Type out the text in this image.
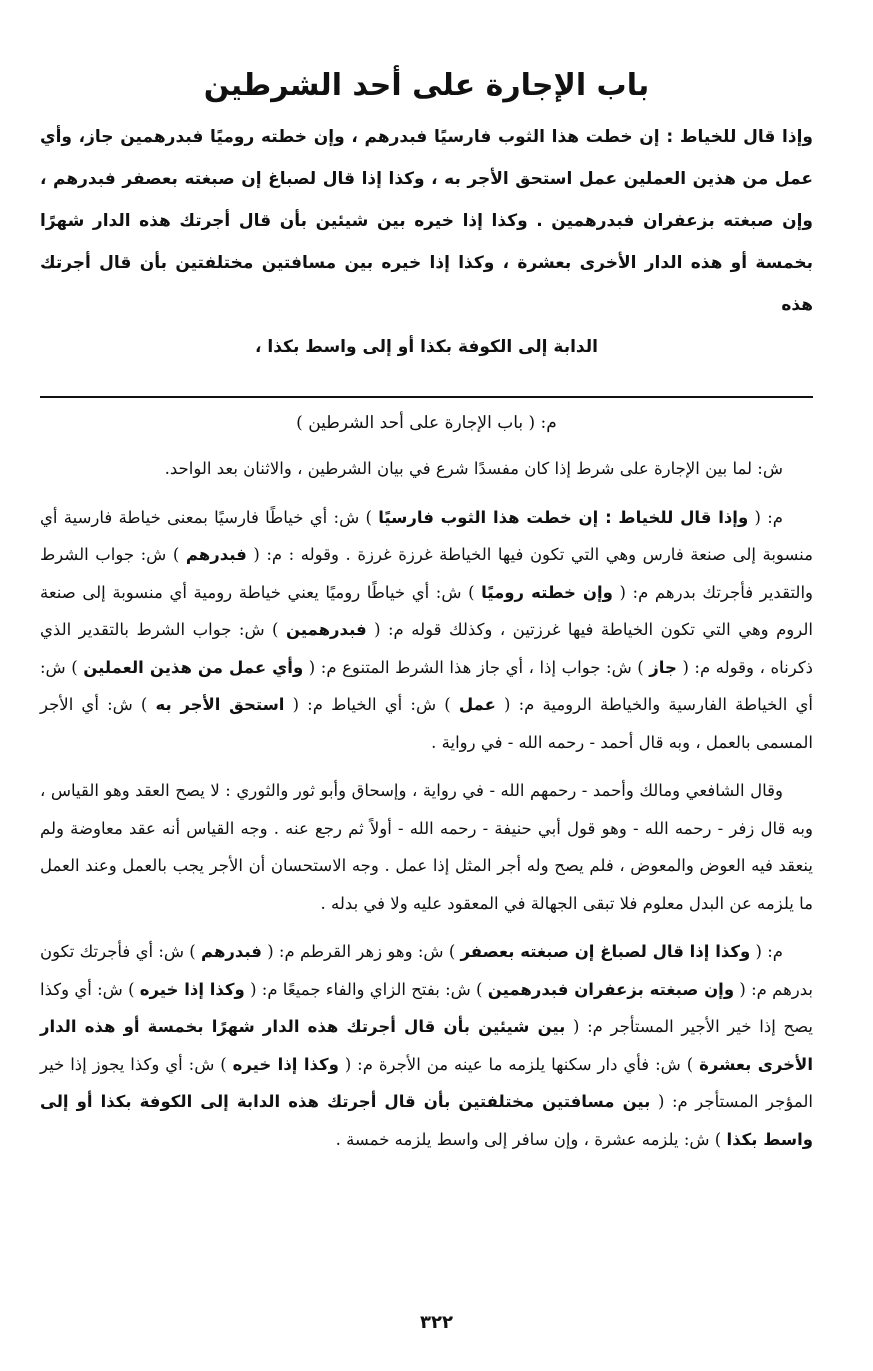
باب الإجارة على أحد الشرطين
وإذا قال للخياط : إن خطت هذا الثوب فارسيًا فبدرهم ، وإن خطته روميًا فبدرهمين جاز، وأي عمل من هذين العملين عمل استحق الأجر به ، وكذا إذا قال لصباغ إن صبغته بعصفر فبدرهم ، وإن صبغته بزعفران فبدرهمين . وكذا إذا خيره بين شيئين بأن قال أجرتك هذه الدار شهرًا بخمسة أو هذه الدار الأخرى بعشرة ، وكذا إذا خيره بين مسافتين مختلفتين بأن قال أجرتك هذه
الدابة إلى الكوفة بكذا أو إلى واسط بكذا ،
م: ( باب الإجارة على أحد الشرطين )

ش: لما بين الإجارة على شرط إذا كان مفسدًا شرع في بيان الشرطين ، والاثنان بعد الواحد.

م: ( وإذا قال للخياط : إن خطت هذا الثوب فارسيًا ) ش: أي خياطًا فارسيًا بمعنى خياطة فارسية أي منسوبة إلى صنعة فارس وهي التي تكون فيها الخياطة غرزة غرزة . وقوله : م: ( فبدرهم ) ش: جواب الشرط والتقدير فأجرتك بدرهم م: ( وإن خطته روميًا ) ش: أي خياطًا روميًا يعني خياطة رومية أي منسوبة إلى صنعة الروم وهي التي تكون الخياطة فيها غرزتين ، وكذلك قوله م: ( فبدرهمين ) ش: جواب الشرط بالتقدير الذي ذكرناه ، وقوله م: ( جاز ) ش: جواب إذا ، أي جاز هذا الشرط المتنوع م: ( وأي عمل من هذين العملين ) ش: أي الخياطة الفارسية والخياطة الرومية م: ( عمل ) ش: أي الخياط م: ( استحق الأجر به ) ش: أي الأجر المسمى بالعمل ، وبه قال أحمد - رحمه الله - في رواية .

وقال الشافعي ومالك وأحمد - رحمهم الله - في رواية ، وإسحاق وأبو ثور والثوري : لا يصح العقد وهو القياس ، وبه قال زفر - رحمه الله - وهو قول أبي حنيفة - رحمه الله - أولاً ثم رجع عنه . وجه القياس أنه عقد معاوضة ولم ينعقد فيه العوض والمعوض ، فلم يصح وله أجر المثل إذا عمل . وجه الاستحسان أن الأجر يجب بالعمل وعند العمل ما يلزمه عن البدل معلوم فلا تبقى الجهالة في المعقود عليه ولا في بدله .

م: ( وكذا إذا قال لصباغ إن صبغته بعصفر ) ش: وهو زهر القرطم م: ( فبدرهم ) ش: أي فأجرتك تكون بدرهم م: ( وإن صبغته بزعفران فبدرهمين ) ش: بفتح الزاي والفاء جميعًا م: ( وكذا إذا خيره ) ش: أي وكذا يصح إذا خير الأجير المستأجر م: ( بين شيئين بأن قال أجرتك هذه الدار شهرًا بخمسة أو هذه الدار الأخرى بعشرة ) ش: فأي دار سكنها يلزمه ما عينه من الأجرة م: ( وكذا إذا خيره ) ش: أي وكذا يجوز إذا خير المؤجر المستأجر م: ( بين مسافتين مختلفتين بأن قال أجرتك هذه الدابة إلى الكوفة بكذا أو إلى واسط بكذا ) ش: يلزمه عشرة ، وإن سافر إلى واسط يلزمه خمسة .

٣٢٢
